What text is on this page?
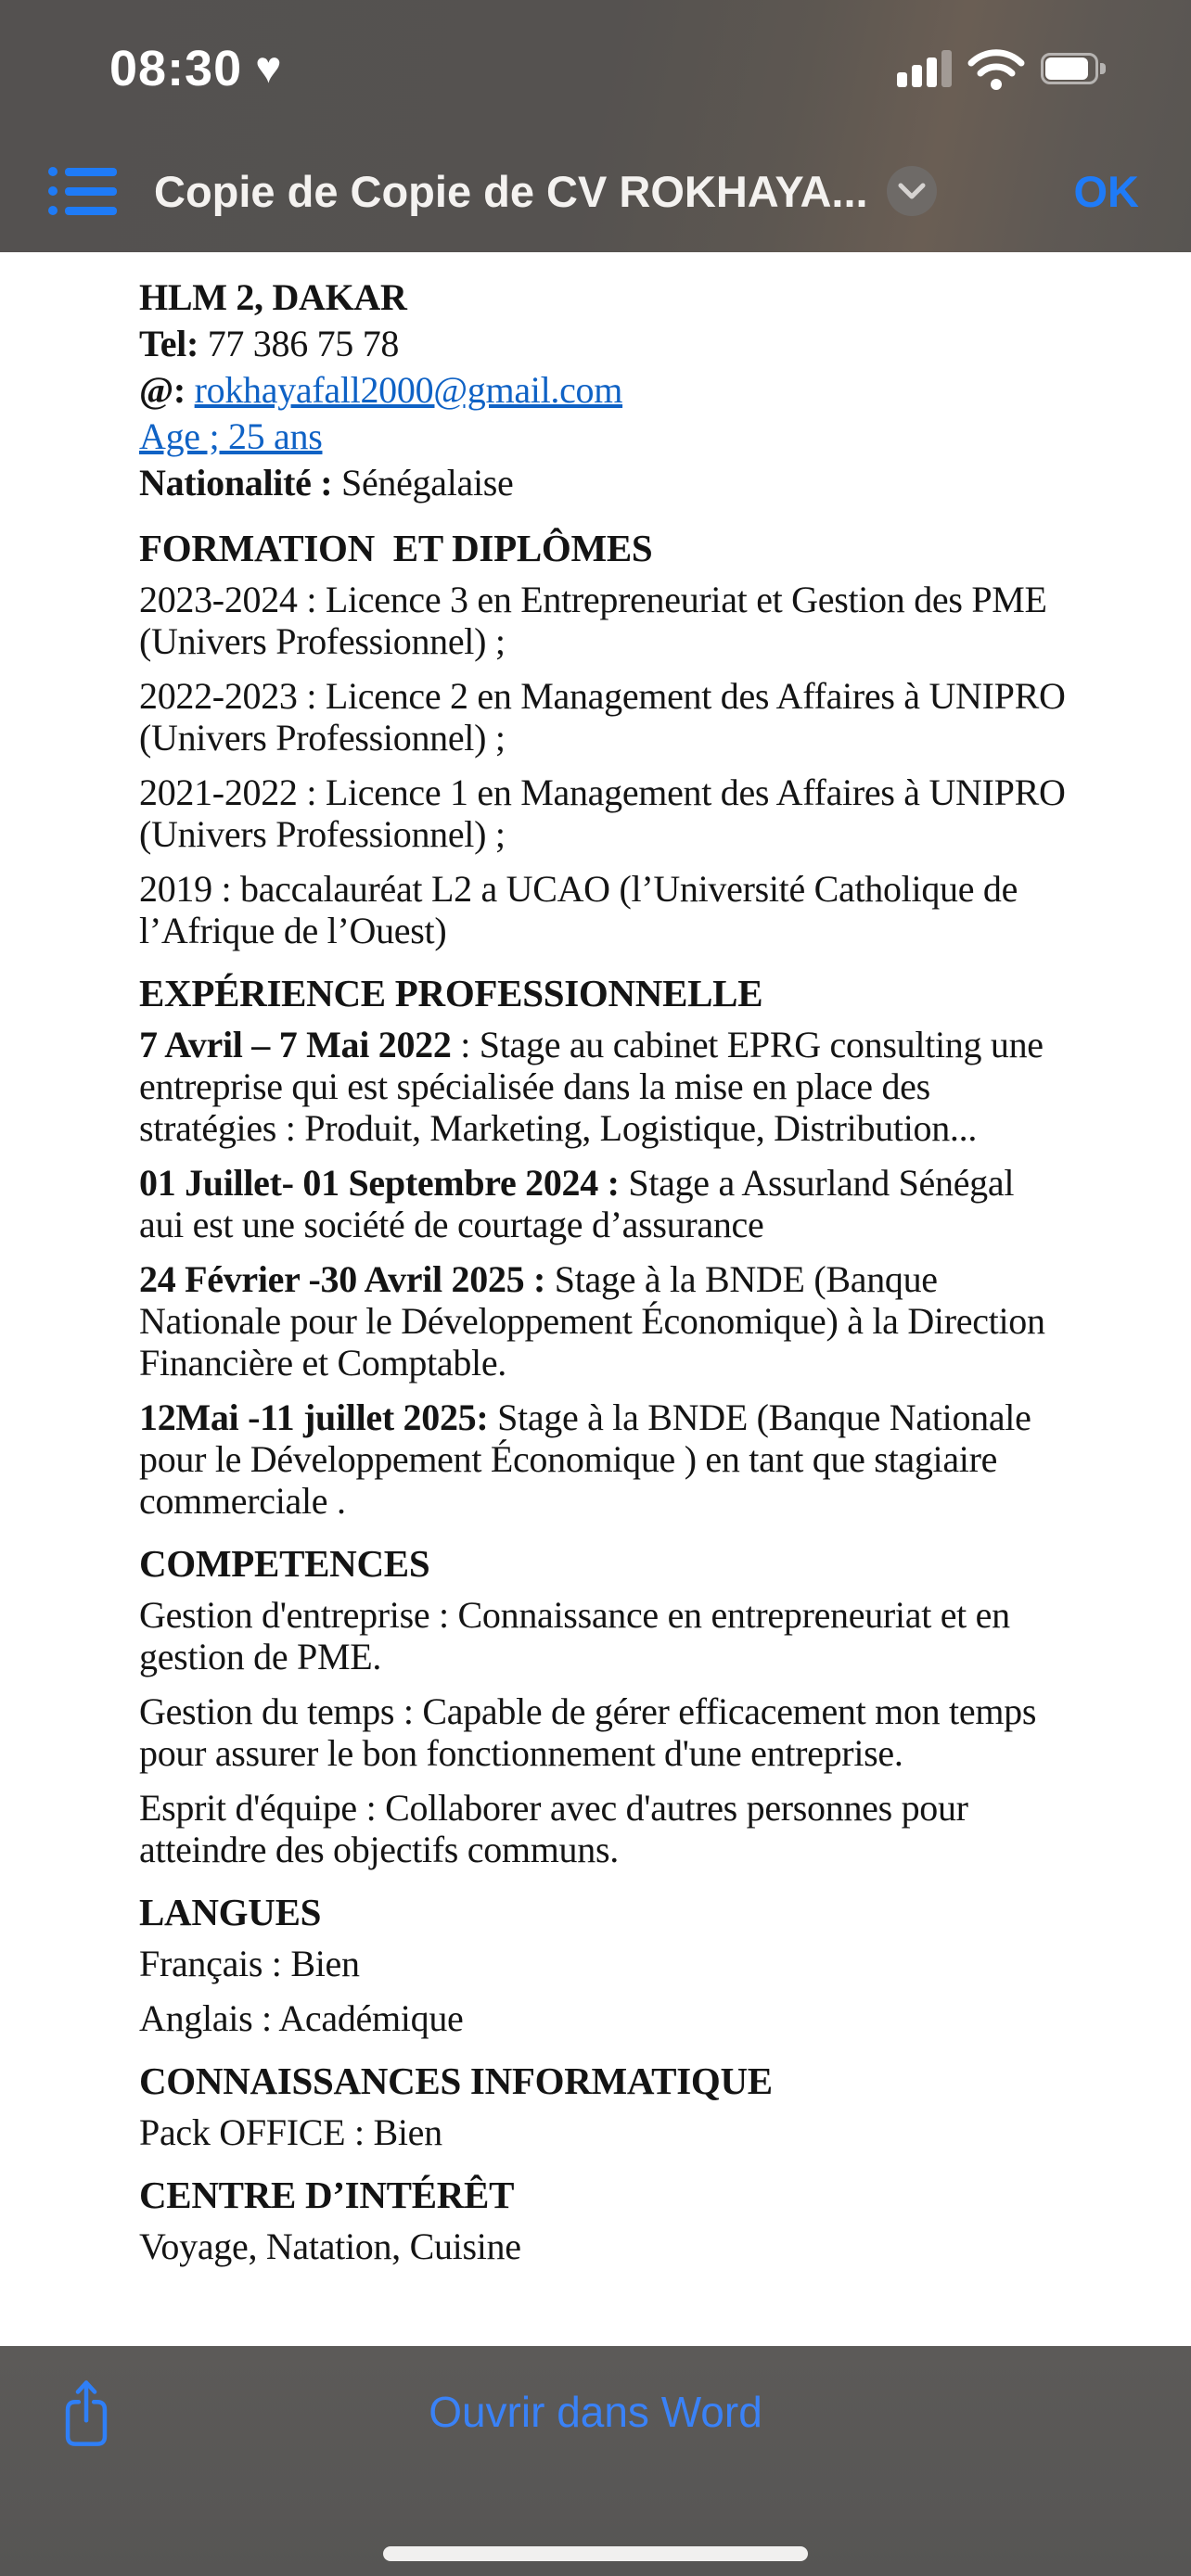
08:30 ♥
Copie de Copie de CV ROKHAYA...	OK

HLM 2, DAKAR

Tel: 77 386 75 78

@: rokhayafall2000@gmail.com

Age ; 25 ans

Nationalité : Sénégalaise

FORMATION  ET DIPLÔMES

2023-2024 : Licence 3 en Entrepreneuriat et Gestion des PME (Univers Professionnel) ;

2022-2023 : Licence 2 en Management des Affaires à UNIPRO (Univers Professionnel) ;

2021-2022 : Licence 1 en Management des Affaires à UNIPRO (Univers Professionnel) ;

2019 : baccalauréat L2 a UCAO (l’Université Catholique de l’Afrique de l’Ouest)

EXPÉRIENCE PROFESSIONNELLE

7 Avril – 7 Mai 2022 : Stage au cabinet EPRG consulting une entreprise qui est spécialisée dans la mise en place des stratégies : Produit, Marketing, Logistique, Distribution...

01 Juillet- 01 Septembre 2024 : Stage a Assurland Sénégal aui est une société de courtage d’assurance

24 Février -30 Avril 2025 : Stage à la BNDE (Banque Nationale pour le Développement Économique) à la Direction Financière et Comptable.

12Mai -11 juillet 2025: Stage à la BNDE (Banque Nationale pour le Développement Économique ) en tant que stagiaire commerciale .

COMPETENCES

Gestion d'entreprise : Connaissance en entrepreneuriat et en gestion de PME.

Gestion du temps : Capable de gérer efficacement mon temps pour assurer le bon fonctionnement d'une entreprise.

Esprit d'équipe : Collaborer avec d'autres personnes pour atteindre des objectifs communs.

LANGUES

Français : Bien

Anglais : Académique

CONNAISSANCES INFORMATIQUE

Pack OFFICE : Bien

CENTRE D’INTÉRÊT

Voyage, Natation, Cuisine

Ouvrir dans Word
